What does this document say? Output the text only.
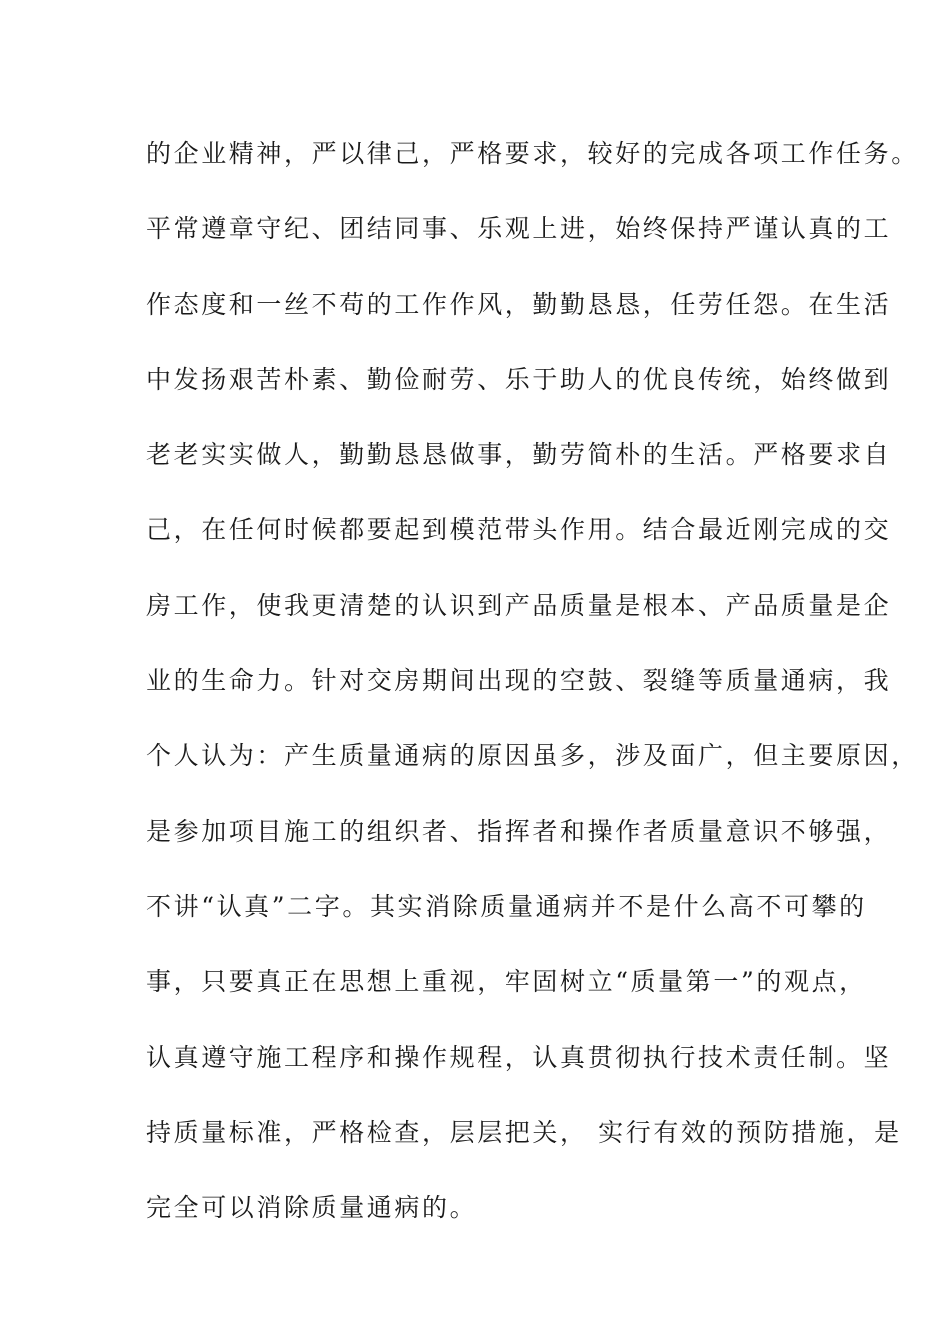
的企业精神，严以律己，严格要求，较好的完成各项工作任务。
平常遵章守纪、团结同事、乐观上进，始终保持严谨认真的工
作态度和一丝不苟的工作作风，勤勤恳恳，任劳任怨。在生活
中发扬艰苦朴素、勤俭耐劳、乐于助人的优良传统，始终做到
老老实实做人，勤勤恳恳做事，勤劳简朴的生活。严格要求自
己，在任何时候都要起到模范带头作用。结合最近刚完成的交
房工作，使我更清楚的认识到产品质量是根本、产品质量是企
业的生命力。针对交房期间出现的空鼓、裂缝等质量通病，我
个人认为：产生质量通病的原因虽多，涉及面广，但主要原因，
是参加项目施工的组织者、指挥者和操作者质量意识不够强，
不讲“认真”二字。其实消除质量通病并不是什么高不可攀的
事，只要真正在思想上重视，牢固树立“质量第一”的观点，
认真遵守施工程序和操作规程，认真贯彻执行技术责任制。坚
持质量标准，严格检查，层层把关， 实行有效的预防措施，是
完全可以消除质量通病的。
